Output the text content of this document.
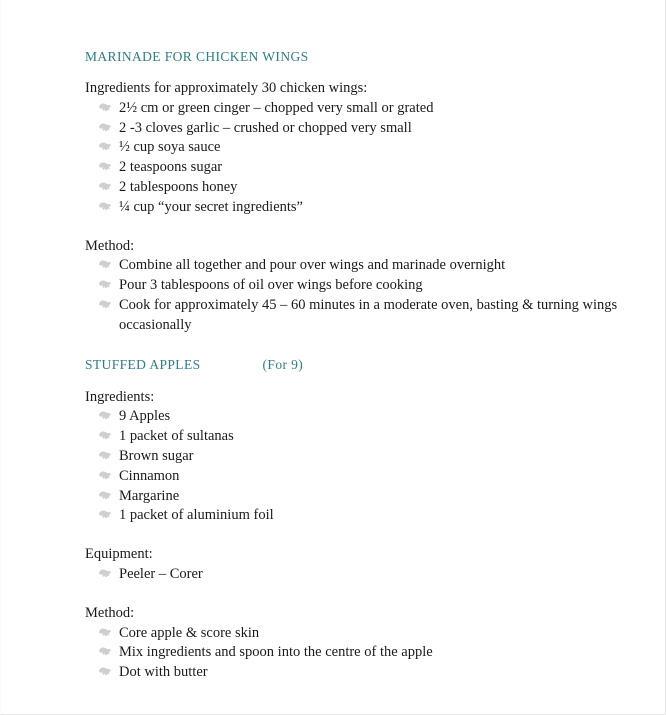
MARINADE FOR CHICKEN WINGS

Ingredients for approximately 30 chicken wings:

2½ cm or green cinger – chopped very small or grated
2 -3 cloves garlic – crushed or chopped very small
½ cup soya sauce
2 teaspoons sugar
2 tablespoons honey
¼ cup “your secret ingredients”

Method:

Combine all together and pour over wings and marinade overnight
Pour 3 tablespoons of oil over wings before cooking
Cook for approximately 45 – 60 minutes in a moderate oven, basting & turning wings occasionally
STUFFED APPLES	(For 9)

Ingredients:

9 Apples
1 packet of sultanas
Brown sugar
Cinnamon
Margarine
1 packet of aluminium foil

Equipment:

Peeler – Corer

Method:

Core apple & score skin
Mix ingredients and spoon into the centre of the apple
Dot with butter
